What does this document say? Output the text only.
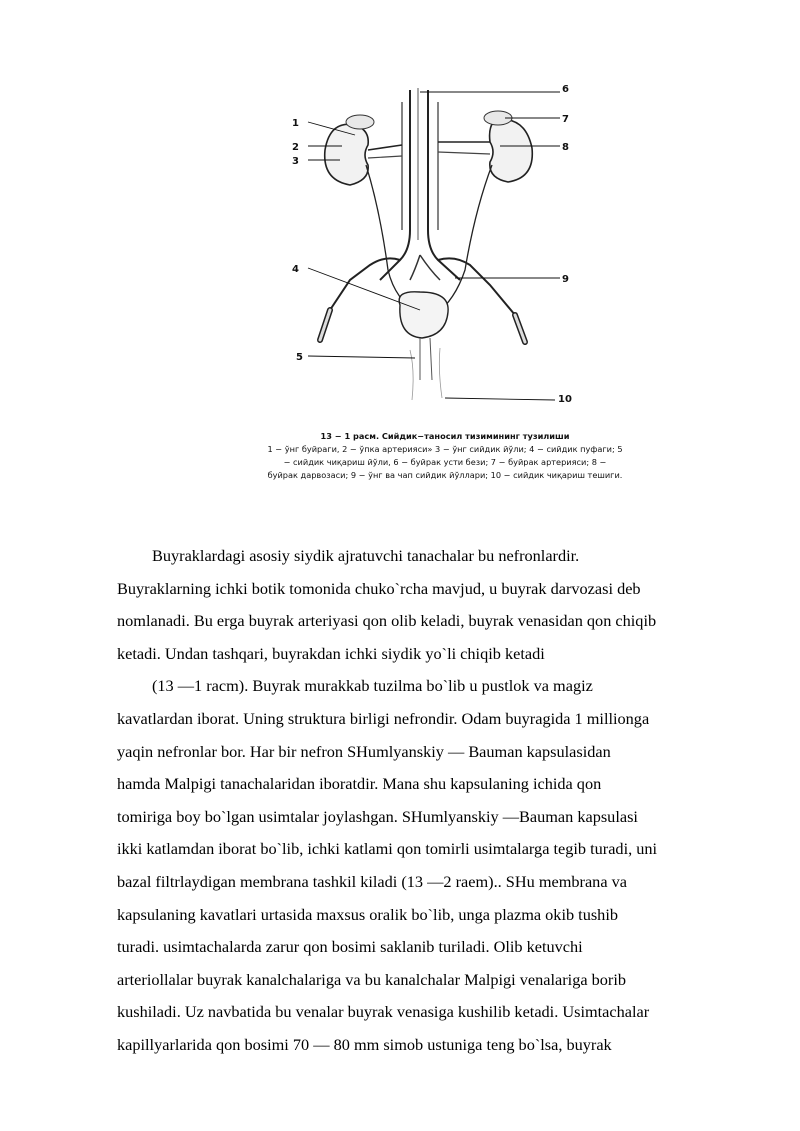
1
2
3
4
5
6
7
8
9
10
13 − 1 расм. Сийдик−таносил тизимининг тузилиши
1 − ўнг буйраги, 2 − ўпка артерияси» 3 − ўнг сийдик йўли; 4 − сийдик пуфаги; 5
− сийдик чиқариш йўли, 6 − буйрак усти бези; 7 − буйрак артерияси; 8 −
буйрак дарвозаси; 9 − ўнг ва чап сийдик йўллари; 10 − сийдик чиқариш тешиги.
Buyraklardagi asosiy siydik ajratuvchi tanachalar bu nefronlardir.
Buyraklarning ichki botik tomonida chuko`rcha mavjud, u buyrak darvozasi deb
nomlanadi. Bu erga buyrak arteriyasi qon olib keladi, buyrak venasidan qon chiqib
ketadi. Undan tashqari, buyrakdan ichki siydik yo`li chiqib ketadi
(13 —1 racm). Buyrak murakkab tuzilma bo`lib u pustlok va magiz
kavatlardan iborat. Uning struktura birligi nefrondir. Odam buyragida 1 millionga
yaqin nefronlar bor. Har bir nefron SHumlyanskiy — Bauman kapsulasidan
hamda Malpigi tanachalaridan iboratdir. Mana shu kapsulaning ichida qon
tomiriga boy bo`lgan usimtalar joylashgan. SHumlyanskiy —Bauman kapsulasi
ikki katlamdan iborat bo`lib, ichki katlami qon tomirli usimtalarga tegib turadi, uni
bazal filtrlaydigan membrana tashkil kiladi (13 —2 raem).. SHu membrana va
kapsulaning kavatlari urtasida maxsus oralik bo`lib, unga plazma okib tushib
turadi. usimtachalarda zarur qon bosimi saklanib turiladi. Olib ketuvchi
arteriollalar buyrak kanalchalariga va bu kanalchalar Malpigi venalariga borib
kushiladi. Uz navbatida bu venalar buyrak venasiga kushilib ketadi. Usimtachalar
kapillyarlarida qon bosimi 70 — 80 mm simob ustuniga teng bo`lsa, buyrak
